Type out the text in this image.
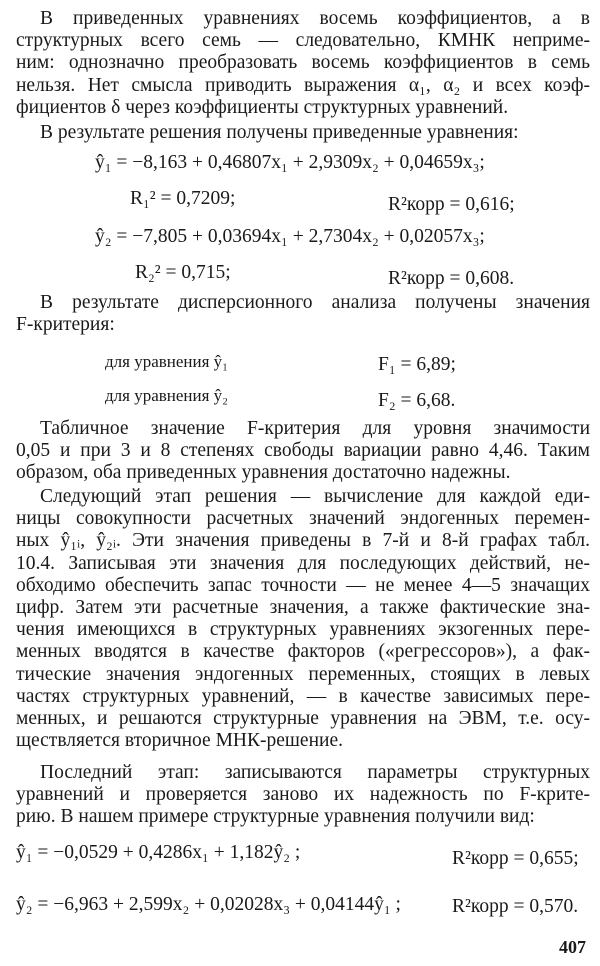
В приведенных уравнениях восемь коэффициентов, а в
структурных всего семь — следовательно, КМНК непримe-
ним: однозначно преобразовать восемь коэффициентов в семь
нельзя. Нет смысла приводить выражения α₁, α₂ и всех коэф-
фициентов δ через коэффициенты структурных уравнений.

В результате решения получены приведенные уравнения:

ŷ₁ = −8,163 + 0,46807x₁ + 2,9309x₂ + 0,04659x₃;
R₁² = 0,7209;	R²корр = 0,616;
ŷ₂ = −7,805 + 0,03694x₁ + 2,7304x₂ + 0,02057x₃;
R₂² = 0,715;	R²корр = 0,608.

В результате дисперсионного анализа получены значения
F-критерия:

для уравнения ŷ₁	F₁ = 6,89;
для уравнения ŷ₂	F₂ = 6,68.

Табличное значение F-критерия для уровня значимости
0,05 и при 3 и 8 степенях свободы вариации равно 4,46. Таким
образом, оба приведенных уравнения достаточно надежны.

Следующий этап решения — вычисление для каждой еди-
ницы совокупности расчетных значений эндогенных перемен-
ных ŷ₁ᵢ, ŷ₂ᵢ. Эти значения приведены в 7-й и 8-й графах табл.
10.4. Записывая эти значения для последующих действий, не-
обходимо обеспечить запас точности — не менее 4—5 значащих
цифр. Затем эти расчетные значения, а также фактические зна-
чения имеющихся в структурных уравнениях экзогенных пере-
менных вводятся в качестве факторов («регрессоров»), а фак-
тические значения эндогенных переменных, стоящих в левых
частях структурных уравнений, — в качестве зависимых пере-
менных, и решаются структурные уравнения на ЭВМ, т.е. осу-
ществляется вторичное МНК-решение.

Последний этап: записываются параметры структурных
уравнений и проверяется заново их надежность по F-крите-
рию. В нашем примере структурные уравнения получили вид:

ŷ₁ = −0,0529 + 0,4286x₁ + 1,182ŷ₂ ;	R²корр = 0,655;
ŷ₂ = −6,963 + 2,599x₂ + 0,02028x₃ + 0,04144ŷ₁ ;	R²корр = 0,570.
407
